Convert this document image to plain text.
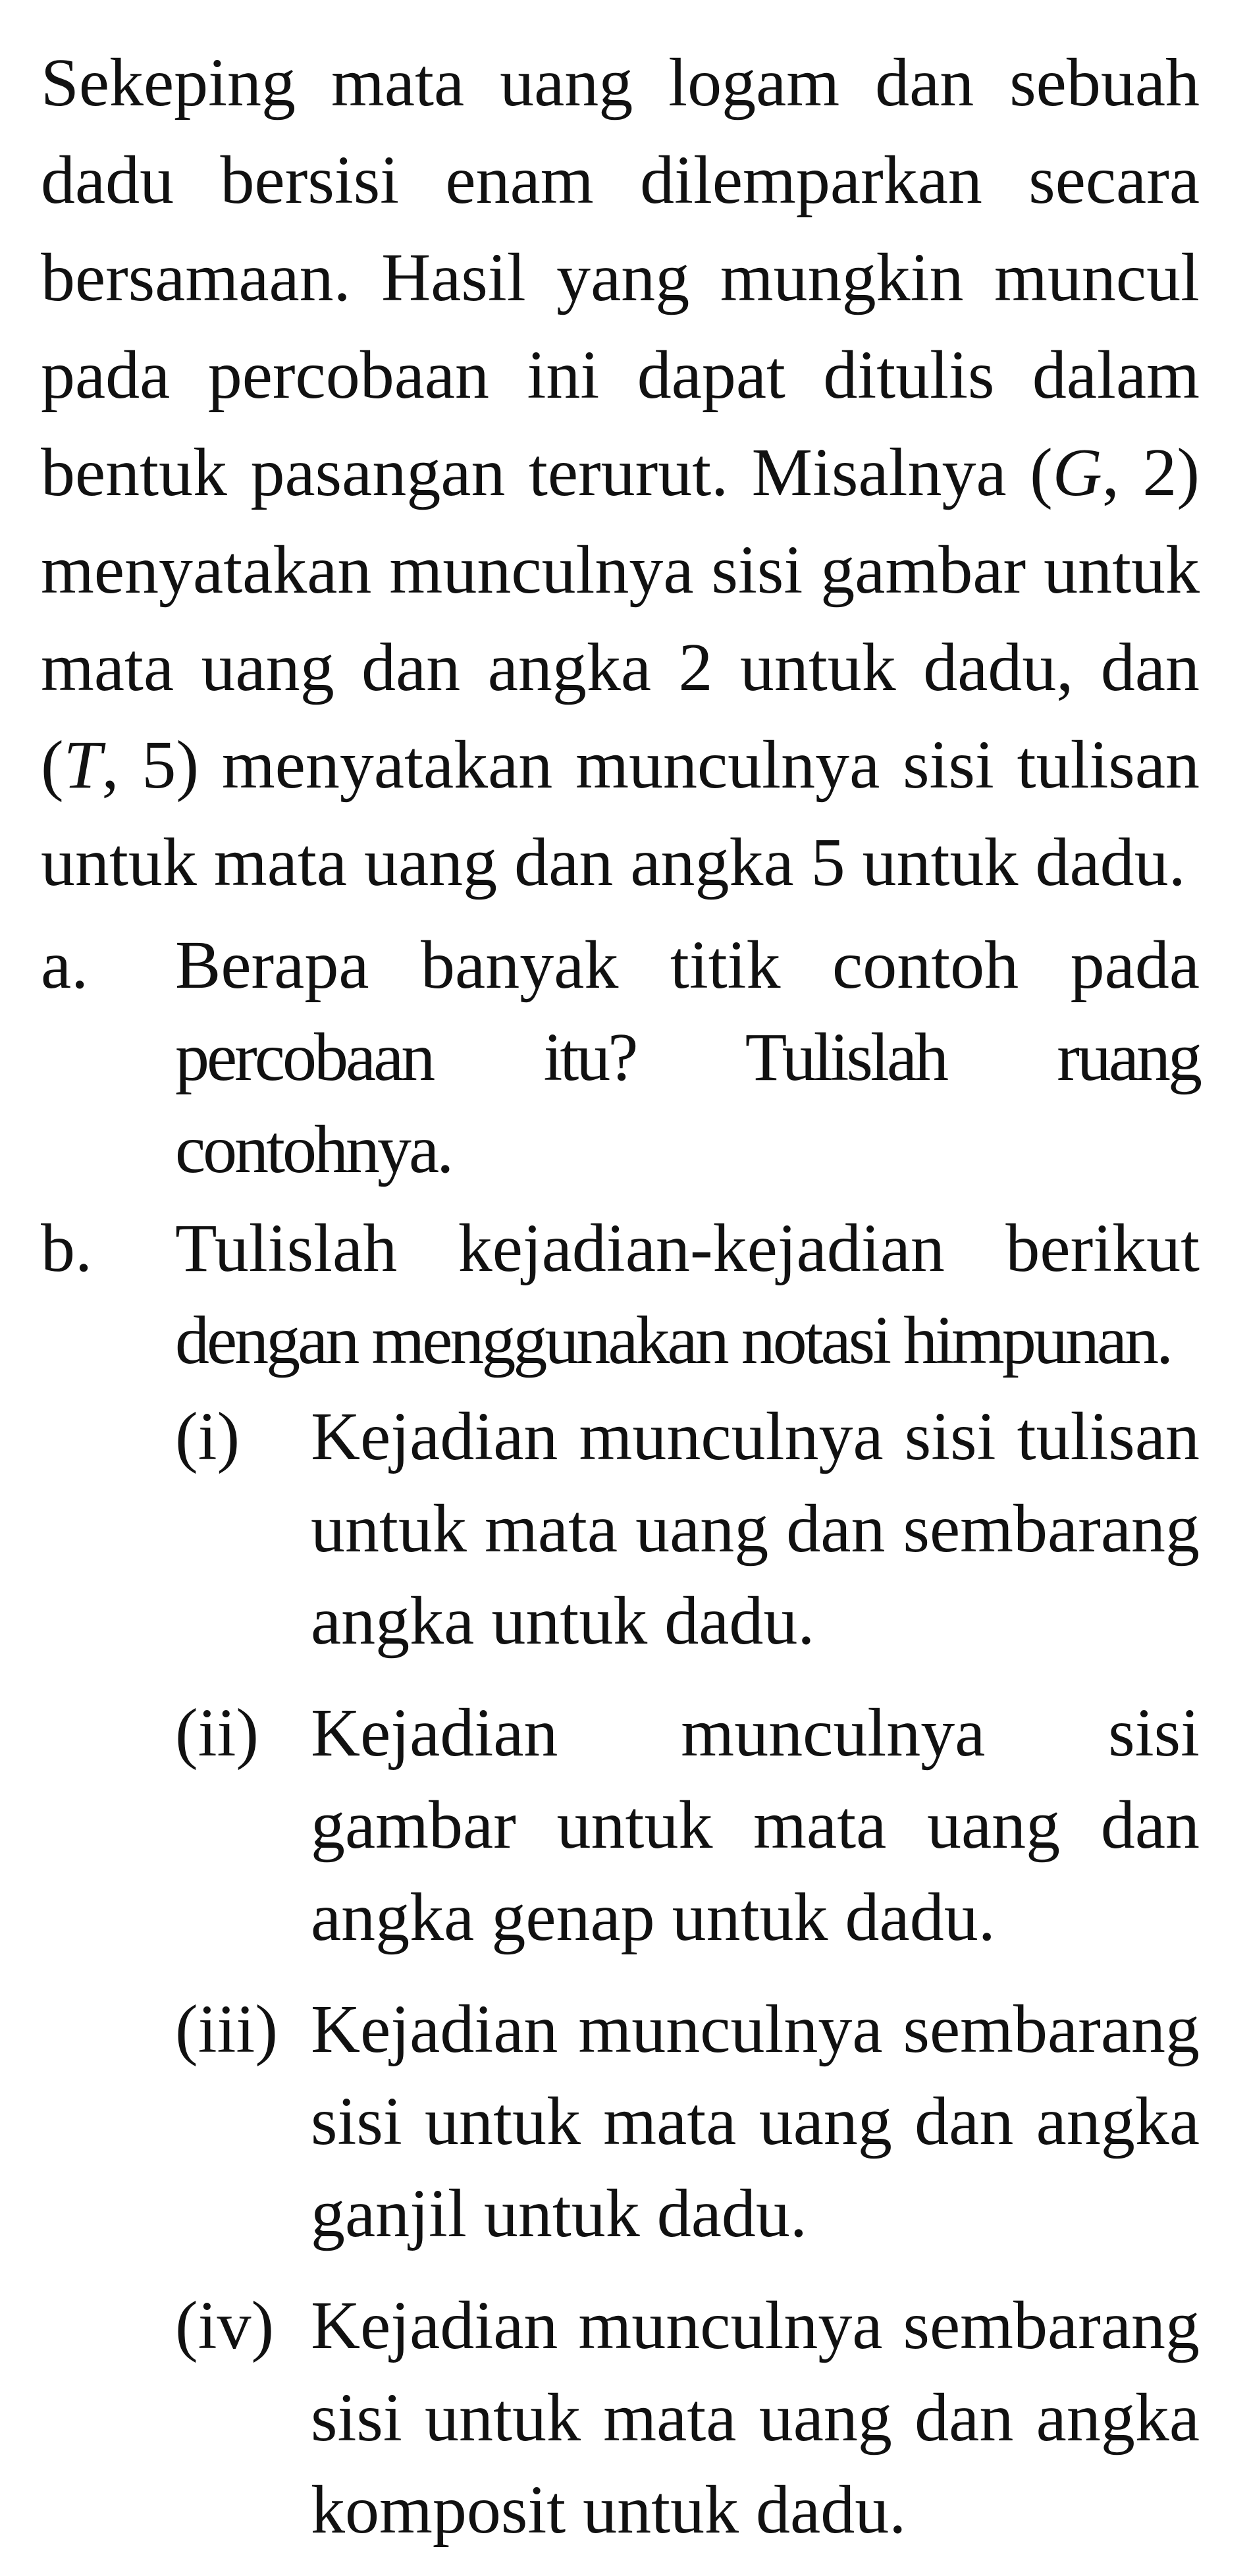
Sekeping mata uang logam dan sebuah dadu bersisi enam dilemparkan secara bersamaan. Hasil yang mungkin muncul pada percobaan ini dapat ditulis dalam bentuk pasangan terurut. Misalnya (G, 2) menyatakan munculnya sisi gambar untuk mata uang dan angka 2 untuk dadu, dan (T, 5) menyatakan munculnya sisi tulisan untuk mata uang dan angka 5 untuk dadu.

a.	Berapa banyak titik contoh pada percobaan itu? Tulislah ruang contohnya.
b.	Tulislah kejadian-kejadian berikut dengan menggunakan notasi himpunan.
(i)	Kejadian munculnya sisi tulisan untuk mata uang dan sembarang angka untuk dadu.
(ii) Kejadian munculnya sisi gambar untuk mata uang dan angka genap untuk dadu.
(iii) Kejadian munculnya sembarang sisi untuk mata uang dan angka ganjil untuk dadu.
(iv) Kejadian munculnya sembarang sisi untuk mata uang dan angka komposit untuk dadu.
